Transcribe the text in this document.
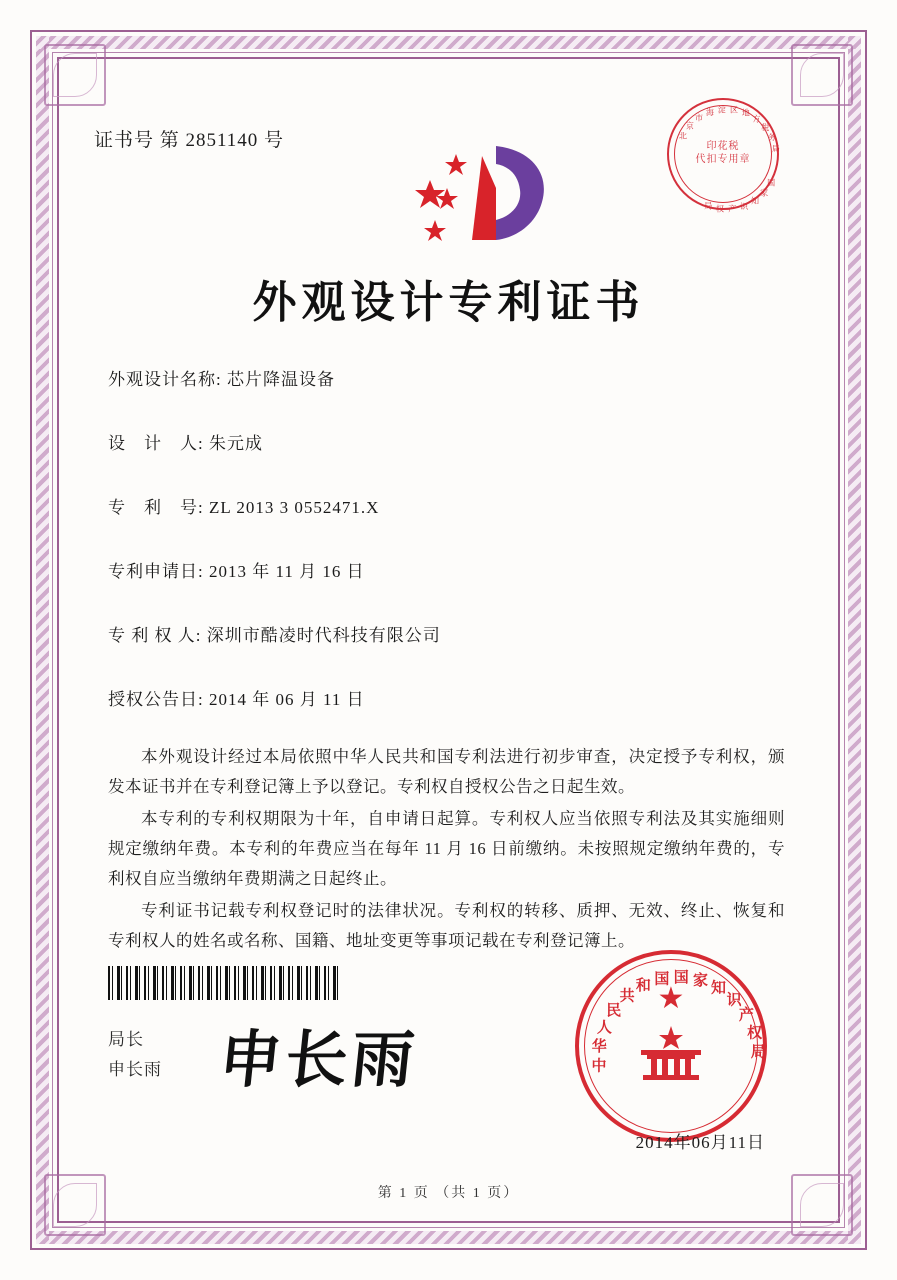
证书号 第 2851140 号	北
京
市
海 淀 区 地
方
税
务
局
国
家
知
识
产
权
局
印花税
代扣专用章
外观设计专利证书
外观设计名称: 芯片降温设备
设　计　人: 朱元成
专　利　号: ZL 2013 3 0552471.X
专利申请日: 2013 年 11 月 16 日
专 利 权 人: 深圳市酷凌时代科技有限公司
授权公告日: 2014 年 06 月 11 日

本外观设计经过本局依照中华人民共和国专利法进行初步审查，决定授予专利权，颁发本证书并在专利登记簿上予以登记。专利权自授权公告之日起生效。

本专利的专利权期限为十年，自申请日起算。专利权人应当依照专利法及其实施细则规定缴纳年费。本专利的年费应当在每年 11 月 16 日前缴纳。未按照规定缴纳年费的，专利权自应当缴纳年费期满之日起终止。

专利证书记载专利权登记时的法律状况。专利权的转移、质押、无效、终止、恢复和专利权人的姓名或名称、国籍、地址变更等事项记载在专利登记簿上。

局长
申长雨 申长雨
★
中
华
人
民
共
和 国 国 家 知
识
产
权
局
2014年06月11日
第 1 页 （共 1 页）
